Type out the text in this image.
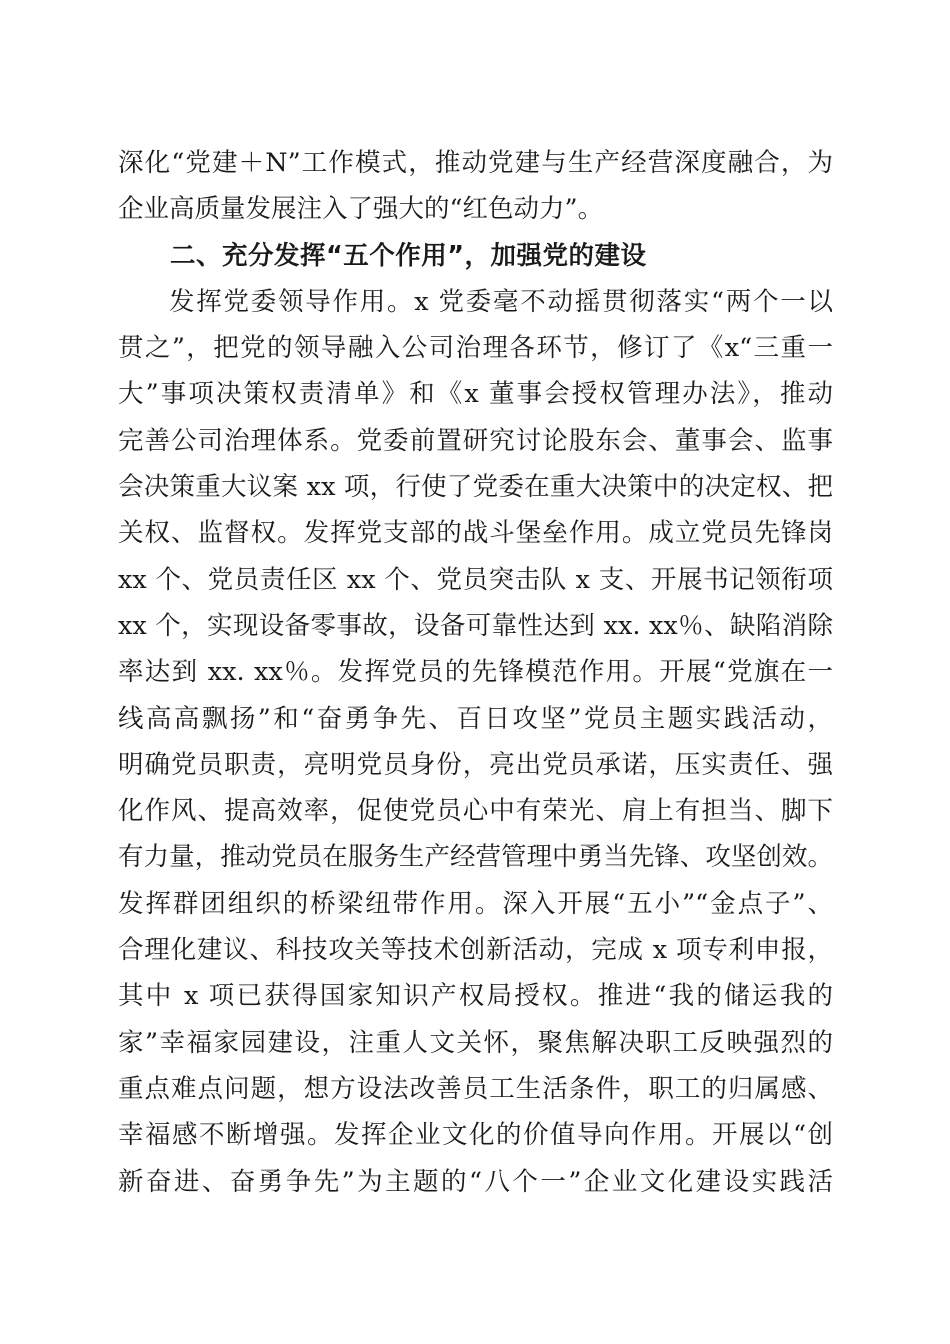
深化“党建＋N”工作模式，推动党建与生产经营深度融合，为
企业高质量发展注入了强大的“红色动力”。
二、充分发挥“五个作用”，加强党的建设
发挥党委领导作用。x 党委毫不动摇贯彻落实“两个一以
贯之”，把党的领导融入公司治理各环节，修订了《x“三重一
大”事项决策权责清单》和《x 董事会授权管理办法》，推动
完善公司治理体系。党委前置研究讨论股东会、董事会、监事
会决策重大议案 xx 项，行使了党委在重大决策中的决定权、把
关权、监督权。发挥党支部的战斗堡垒作用。成立党员先锋岗
xx 个、党员责任区 xx 个、党员突击队 x 支、开展书记领衔项
xx 个，实现设备零事故，设备可靠性达到 xx. xx％、缺陷消除
率达到 xx. xx％。发挥党员的先锋模范作用。开展“党旗在一
线高高飘扬”和“奋勇争先、百日攻坚”党员主题实践活动，
明确党员职责，亮明党员身份，亮出党员承诺，压实责任、强
化作风、提高效率，促使党员心中有荣光、肩上有担当、脚下
有力量，推动党员在服务生产经营管理中勇当先锋、攻坚创效。
发挥群团组织的桥梁纽带作用。深入开展“五小”“金点子”、
合理化建议、科技攻关等技术创新活动，完成 x 项专利申报，
其中 x 项已获得国家知识产权局授权。推进“我的储运我的
家”幸福家园建设，注重人文关怀，聚焦解决职工反映强烈的
重点难点问题，想方设法改善员工生活条件，职工的归属感、
幸福感不断增强。发挥企业文化的价值导向作用。开展以“创
新奋进、奋勇争先”为主题的“八个一”企业文化建设实践活
